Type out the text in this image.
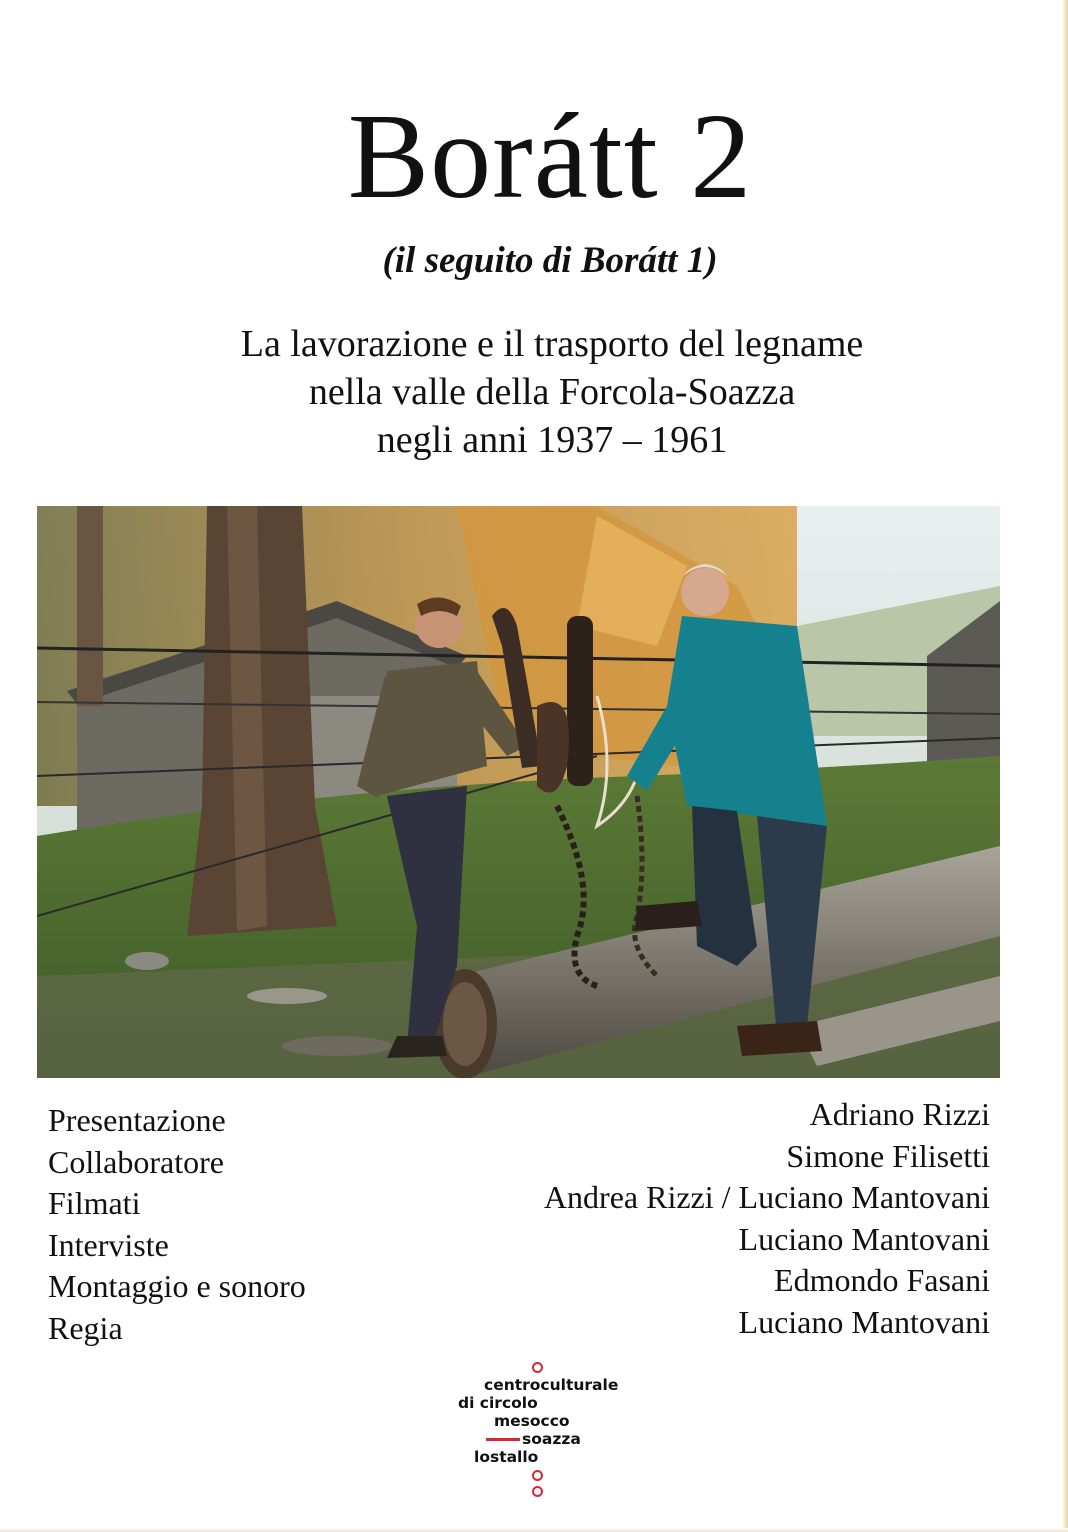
Borátt 2
(il seguito di Borátt 1)
La lavorazione e il trasporto del legname
nella valle della Forcola-Soazza
negli anni 1937 – 1961
Presentazione
Collaboratore
Filmati
Interviste
Montaggio e sonoro
Regia
Adriano Rizzi
Simone Filisetti
Andrea Rizzi / Luciano Mantovani
Luciano Mantovani
Edmondo Fasani
Luciano Mantovani
centroculturale
di circolo
mesocco
soazza
lostallo
